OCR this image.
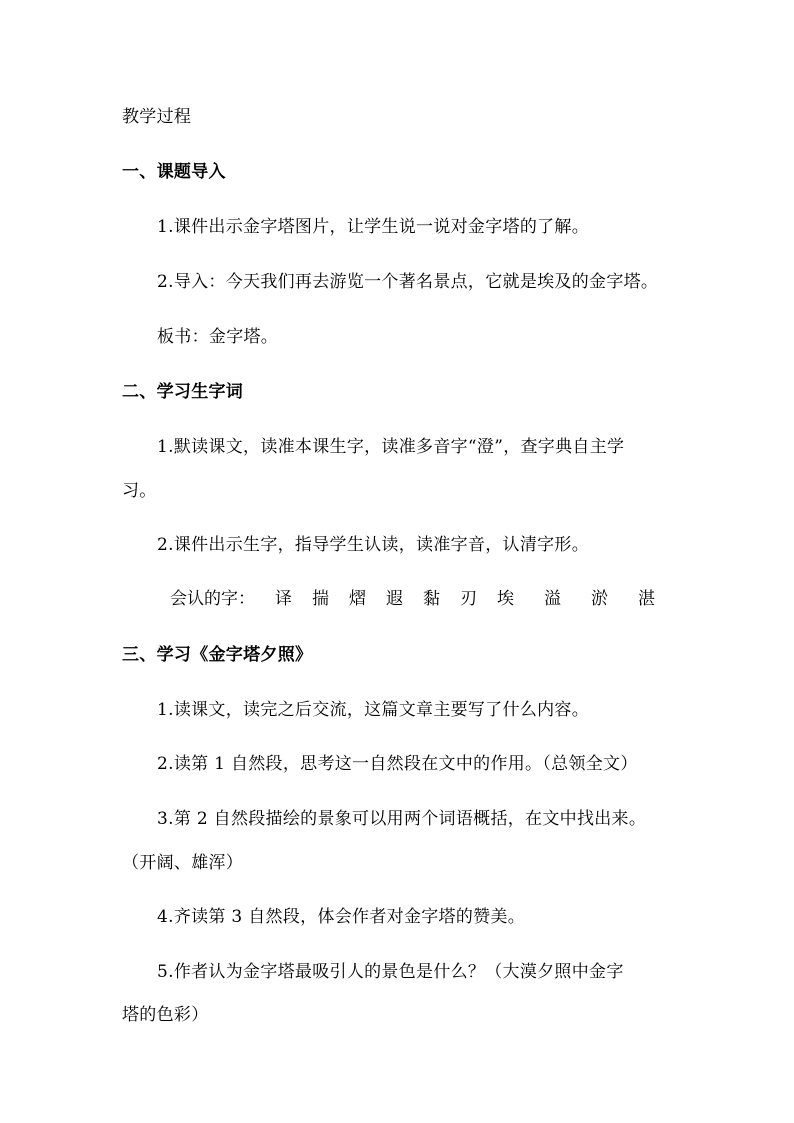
教学过程
一、课题导入
1.课件出示金字塔图片，让学生说一说对金字塔的了解。
2.导入：今天我们再去游览一个著名景点，它就是埃及的金字塔。
板书：金字塔。
二、学习生字词
1.默读课文，读准本课生字，读准多音字“澄”，查字典自主学
习。
2.课件出示生字，指导学生认读，读准字音，认清字形。
会认的字： 译 揣 熠 遐 黏 刃 埃 溢 淤 湛
三、学习《金字塔夕照》
1.读课文，读完之后交流，这篇文章主要写了什么内容。
2.读第 1 自然段，思考这一自然段在文中的作用。（总领全文）
3.第 2 自然段描绘的景象可以用两个词语概括，在文中找出来。
（开阔、雄浑）
4.齐读第 3 自然段，体会作者对金字塔的赞美。
5.作者认为金字塔最吸引人的景色是什么？（大漠夕照中金字
塔的色彩）
